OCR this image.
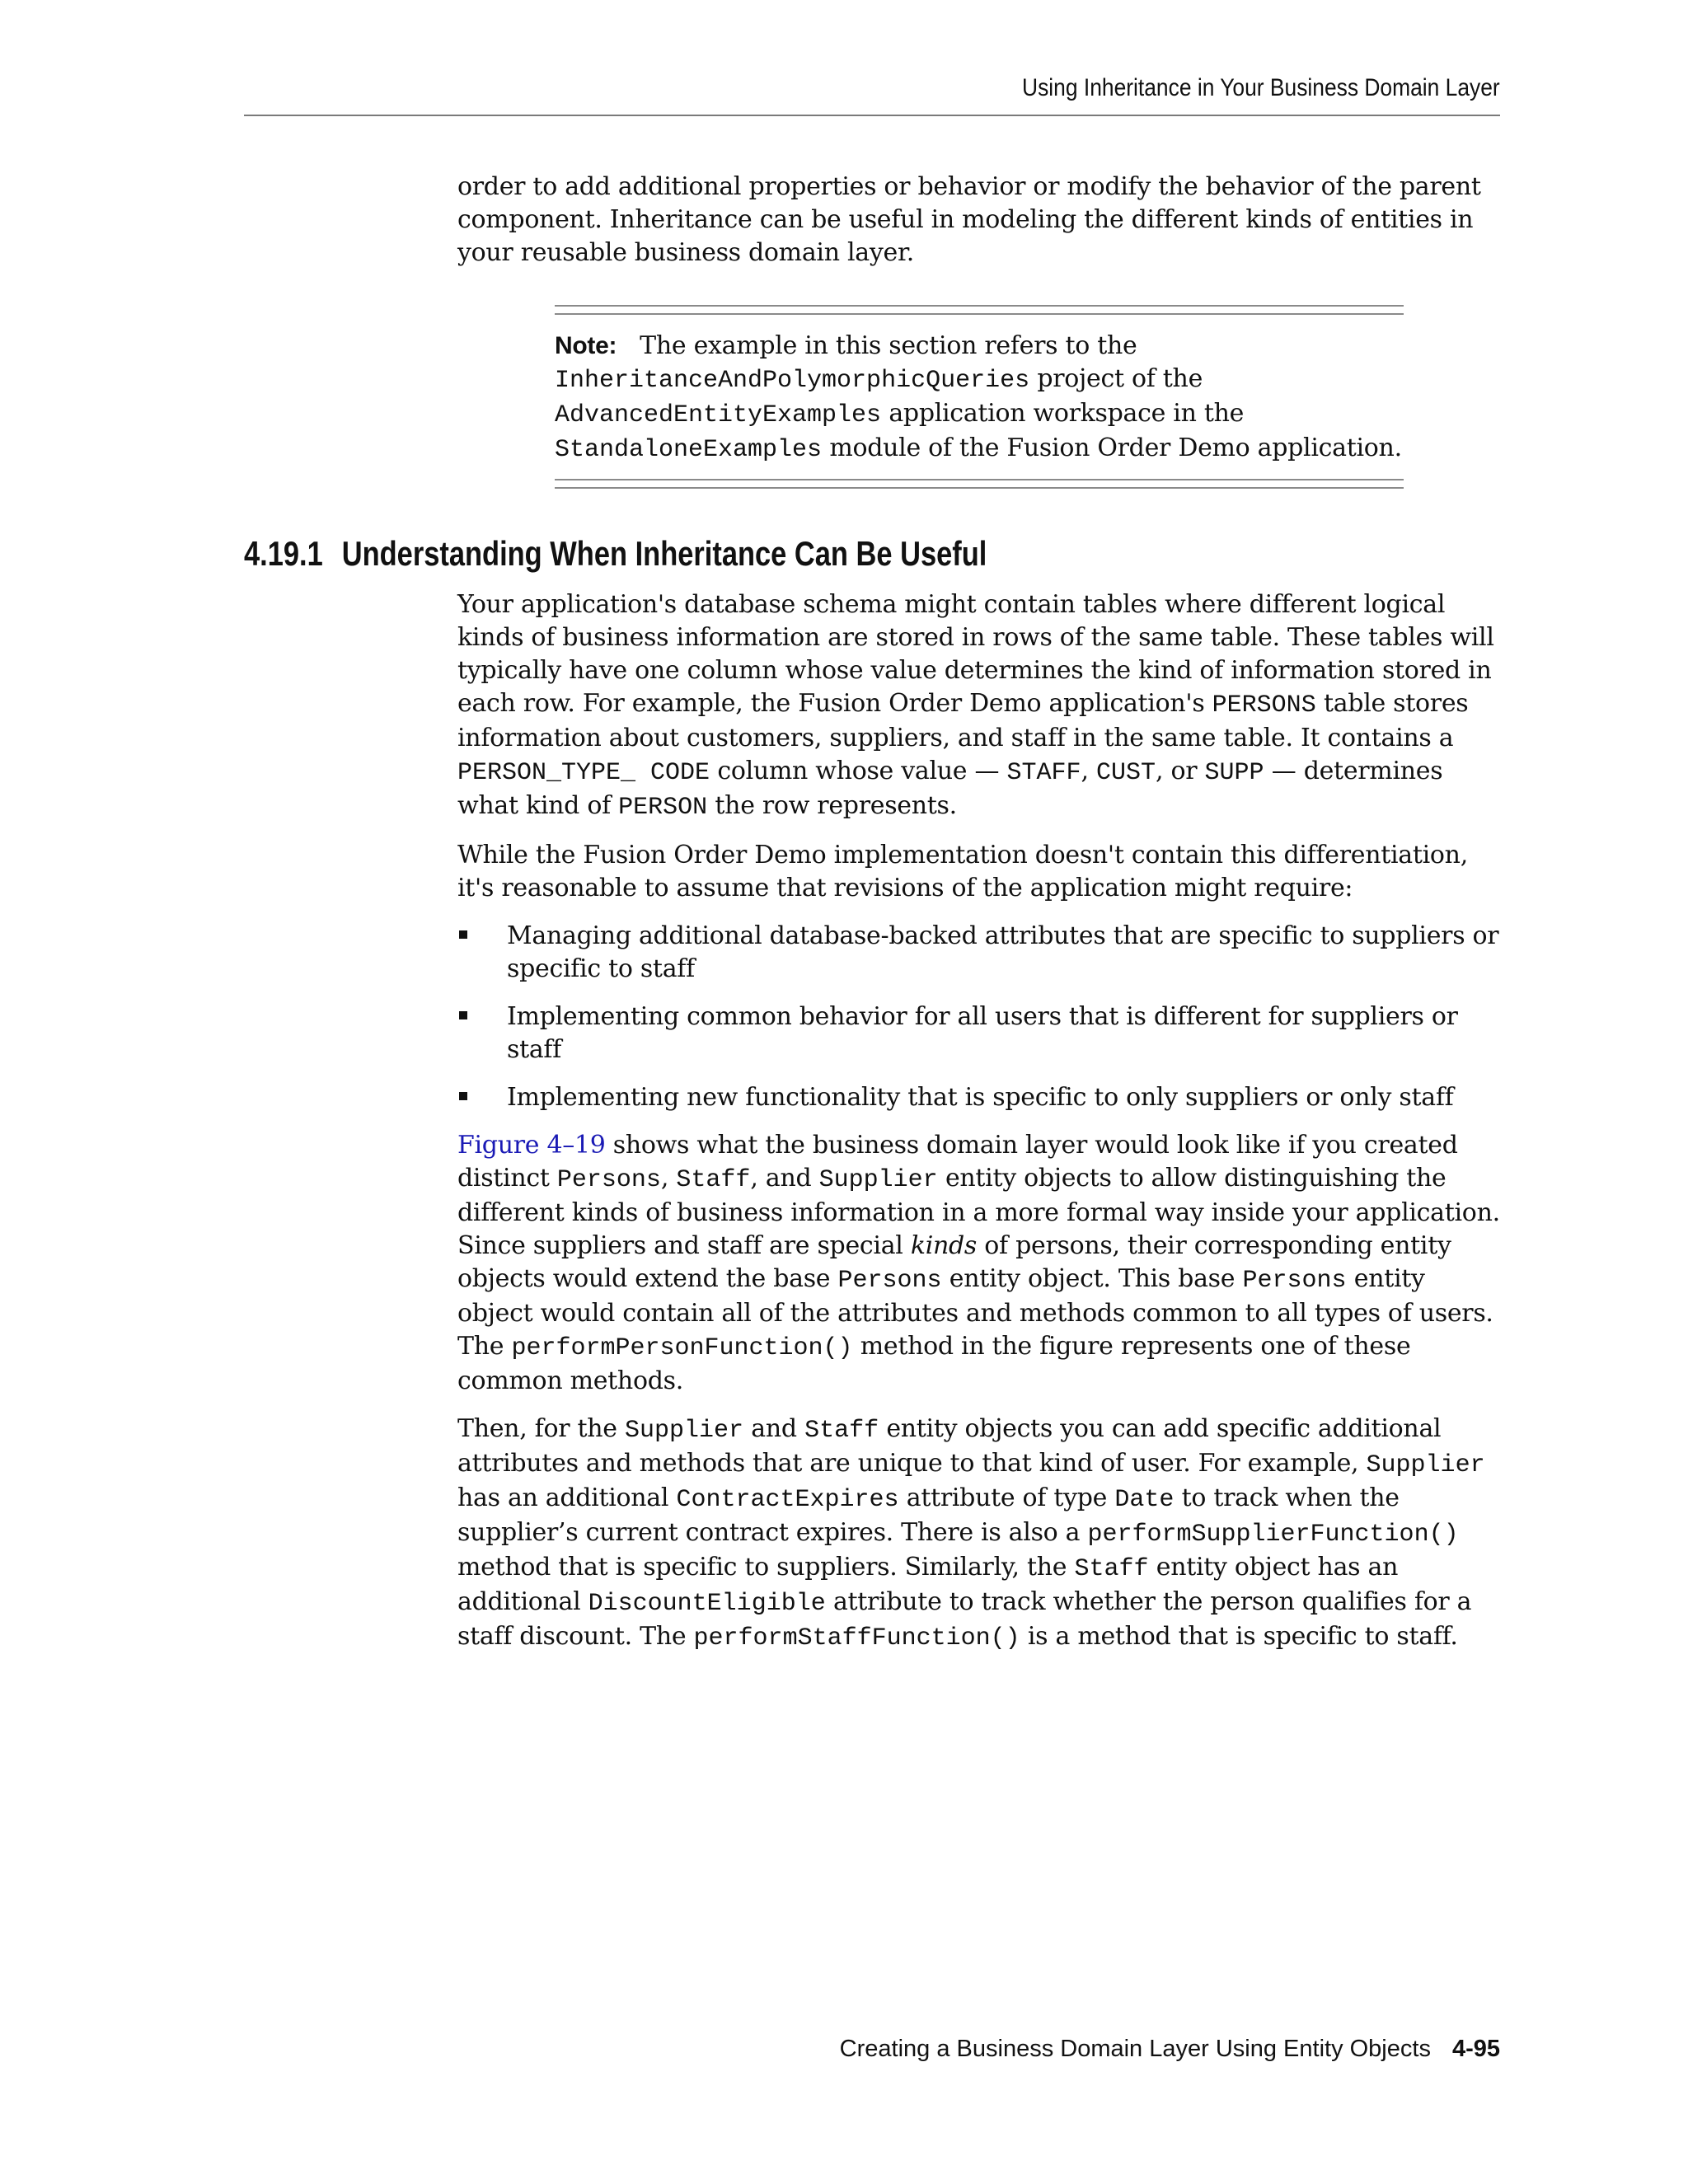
Using Inheritance in Your Business Domain Layer

order to add additional properties or behavior or modify the behavior of the parent component. Inheritance can be useful in modeling the different kinds of entities in your reusable business domain layer.

Note: The example in this section refers to the InheritanceAndPolymorphicQueries project of the AdvancedEntityExamples application workspace in the StandaloneExamples module of the Fusion Order Demo application.
4.19.1 Understanding When Inheritance Can Be Useful

Your application's database schema might contain tables where different logical kinds of business information are stored in rows of the same table. These tables will typically have one column whose value determines the kind of information stored in each row. For example, the Fusion Order Demo application's PERSONS table stores information about customers, suppliers, and staff in the same table. It contains a PERSON_TYPE_ CODE column whose value — STAFF, CUST, or SUPP — determines what kind of PERSON the row represents.

While the Fusion Order Demo implementation doesn't contain this differentiation, it's reasonable to assume that revisions of the application might require:

Managing additional database-backed attributes that are specific to suppliers or specific to staff
Implementing common behavior for all users that is different for suppliers or staff
Implementing new functionality that is specific to only suppliers or only staff

Figure 4–19 shows what the business domain layer would look like if you created distinct Persons, Staff, and Supplier entity objects to allow distinguishing the different kinds of business information in a more formal way inside your application. Since suppliers and staff are special kinds of persons, their corresponding entity objects would extend the base Persons entity object. This base Persons entity object would contain all of the attributes and methods common to all types of users. The performPersonFunction() method in the figure represents one of these common methods.

Then, for the Supplier and Staff entity objects you can add specific additional attributes and methods that are unique to that kind of user. For example, Supplier has an additional ContractExpires attribute of type Date to track when the supplier’s current contract expires. There is also a performSupplierFunction() method that is specific to suppliers. Similarly, the Staff entity object has an additional DiscountEligible attribute to track whether the person qualifies for a staff discount. The performStaffFunction() is a method that is specific to staff.

Creating a Business Domain Layer Using Entity Objects 4-95
